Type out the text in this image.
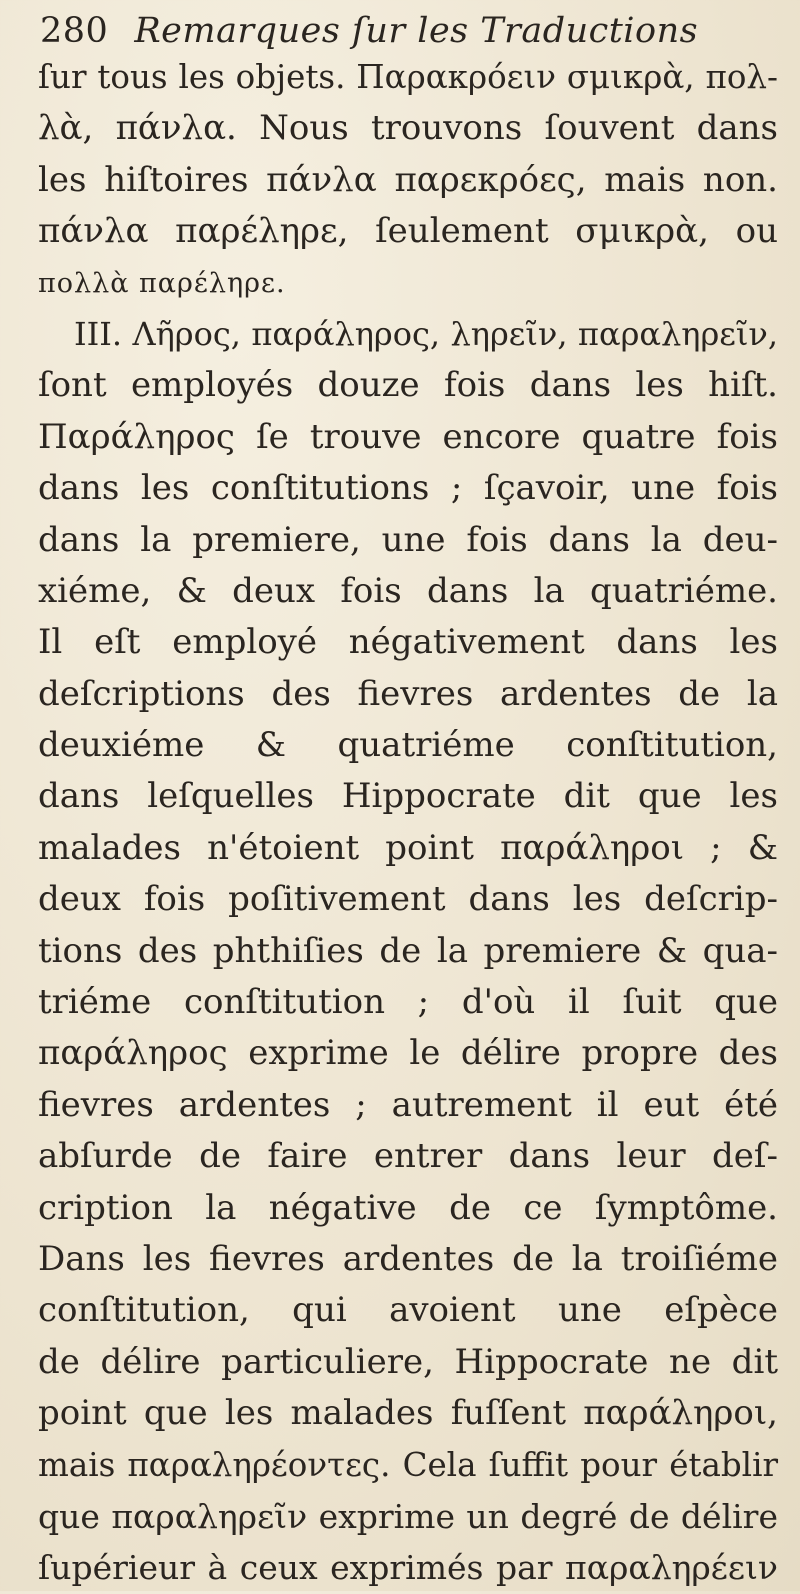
280 Remarques ſur les Traductions
ſur tous les objets. Παρακρόειν σμικρὰ, πολ-
λὰ, πάνλα. Nous trouvons ſouvent dans
les hiſtoires πάνλα παρεκρόες, mais non.
πάνλα παρέληρε, ſeulement σμικρὰ, ou
πολλὰ παρέληρε.
III. Λῆρος, παράληρος, ληρεῖν, παραληρεῖν,
ſont employés douze fois dans les hiſt.
Παράληρος ſe trouve encore quatre fois
dans les conſtitutions ; ſçavoir, une fois
dans la premiere, une fois dans la deu-
xiéme, & deux fois dans la quatriéme.
Il eſt employé négativement dans les
deſcriptions des fievres ardentes de la
deuxiéme & quatriéme conſtitution,
dans leſquelles Hippocrate dit que les
malades n'étoient point παράληροι ; &
deux fois poſitivement dans les deſcrip-
tions des phthiſies de la premiere & qua-
triéme conſtitution ; d'où il ſuit que
παράληρος exprime le délire propre des
fievres ardentes ; autrement il eut été
abſurde de faire entrer dans leur deſ-
cription la négative de ce ſymptôme.
Dans les fievres ardentes de la troiſiéme
conſtitution, qui avoient une eſpèce
de délire particuliere, Hippocrate ne dit
point que les malades fuſſent παράληροι,
mais παραληρέοντες. Cela ſuffit pour établir
que παραληρεῖν exprime un degré de délire
ſupérieur à ceux exprimés par παραληρέειν
